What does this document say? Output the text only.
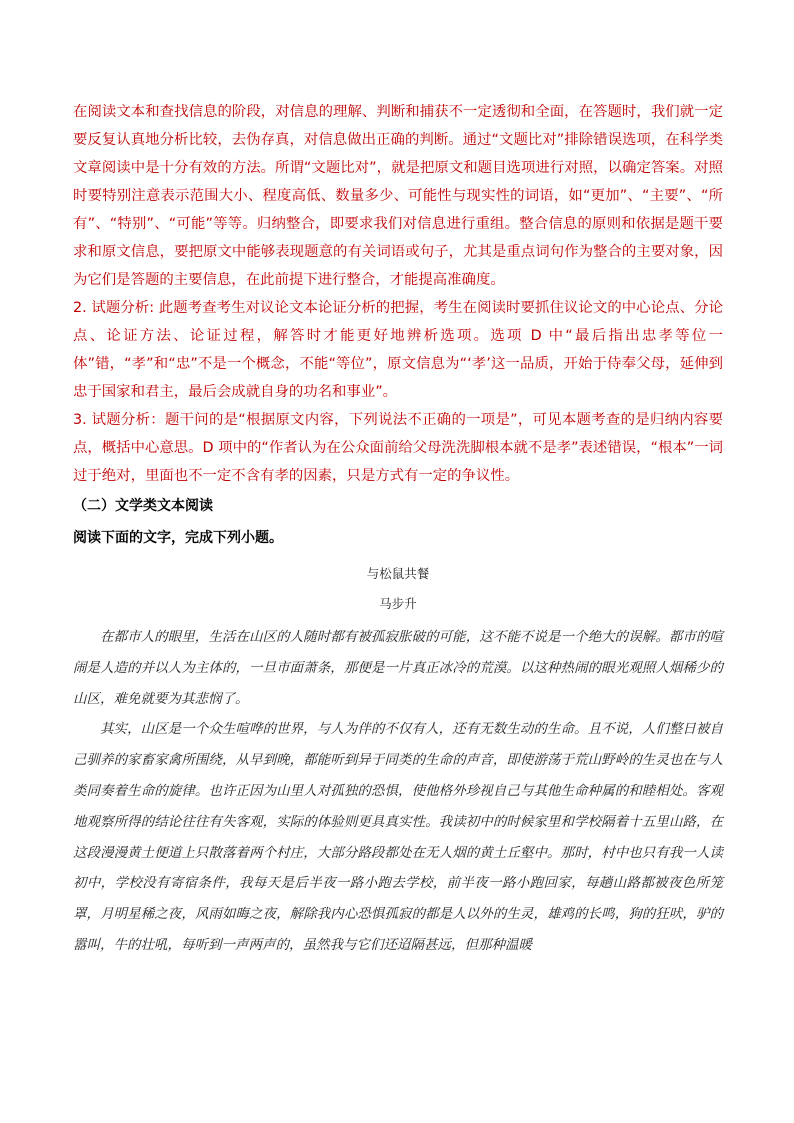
在阅读文本和查找信息的阶段，对信息的理解、判断和捕获不一定透彻和全面，在答题时，我们就一定要反复认真地分析比较，去伪存真，对信息做出正确的判断。通过“文题比对”排除错误选项，在科学类文章阅读中是十分有效的方法。所谓“文题比对”，就是把原文和题目选项进行对照，以确定答案。对照时要特别注意表示范围大小、程度高低、数量多少、可能性与现实性的词语，如“更加”、“主要”、“所有”、“特别”、“可能”等等。归纳整合，即要求我们对信息进行重组。整合信息的原则和依据是题干要求和原文信息，要把原文中能够表现题意的有关词语或句子，尤其是重点词句作为整合的主要对象，因为它们是答题的主要信息，在此前提下进行整合，才能提高准确度。

2. 试题分析: 此题考查考生对议论文本论证分析的把握，考生在阅读时要抓住议论文的中心论点、分论点、论证方法、论证过程，解答时才能更好地辨析选项。选项 D 中“最后指出忠孝等位一体”错，“孝”和“忠”不是一个概念，不能“等位”，原文信息为“‘孝’这一品质，开始于侍奉父母，延伸到忠于国家和君主，最后会成就自身的功名和事业”。

3. 试题分析：题干问的是“根据原文内容，下列说法不正确的一项是”，可见本题考查的是归纳内容要点，概括中心意思。D 项中的“作者认为在公众面前给父母洗洗脚根本就不是孝”表述错误，“根本”一词过于绝对，里面也不一定不含有孝的因素，只是方式有一定的争议性。

（二）文学类文本阅读

阅读下面的文字，完成下列小题。

与松鼠共餐

马步升

在都市人的眼里，生活在山区的人随时都有被孤寂胀破的可能，这不能不说是一个绝大的误解。都市的喧闹是人造的并以人为主体的，一旦市面萧条，那便是一片真正冰冷的荒漠。以这种热闹的眼光观照人烟稀少的山区，难免就要为其悲悯了。

其实，山区是一个众生喧哗的世界，与人为伴的不仅有人，还有无数生动的生命。且不说，人们整日被自己驯养的家畜家禽所围绕，从早到晚，都能听到异于同类的生命的声音，即使游荡于荒山野岭的生灵也在与人类同奏着生命的旋律。也许正因为山里人对孤独的恐惧，使他格外珍视自己与其他生命种属的和睦相处。客观地观察所得的结论往往有失客观，实际的体验则更具真实性。我读初中的时候家里和学校隔着十五里山路，在这段漫漫黄土便道上只散落着两个村庄，大部分路段都处在无人烟的黄土丘壑中。那时，村中也只有我一人读初中，学校没有寄宿条件，我每天是后半夜一路小跑去学校，前半夜一路小跑回家，每趟山路都被夜色所笼罩，月明星稀之夜，风雨如晦之夜，解除我内心恐惧孤寂的都是人以外的生灵，雄鸡的长鸣，狗的狂吠，驴的嚣叫，牛的壮吼，每听到一声两声的，虽然我与它们还迢隔甚远，但那种温暖
